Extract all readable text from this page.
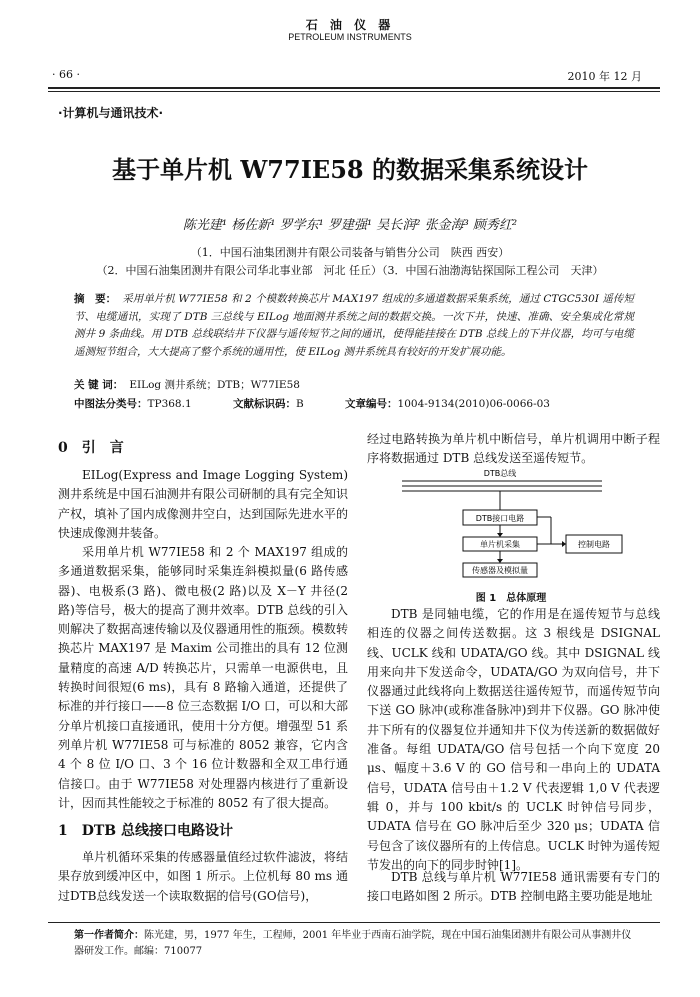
石 油 仪 器
PETROLEUM INSTRUMENTS
· 66 ·	2010 年 12 月
·计算机与通讯技术·
基于单片机 W77IE58 的数据采集系统设计
陈光建¹ 杨佐新¹ 罗学东¹ 罗建强¹ 吴长润² 张金海³ 顾秀红²
（1．中国石油集团测井有限公司装备与销售分公司　陕西 西安）
（2．中国石油集团测井有限公司华北事业部　河北 任丘）（3．中国石油渤海钻探国际工程公司　天津）
摘　要： 采用单片机 W77IE58 和 2 个模数转换芯片 MAX197 组成的多通道数据采集系统，通过 CTGC530I 遥传短节、电缆通讯，实现了 DTB 三总线与 EILog 地面测井系统之间的数据交换。一次下井，快速、准确、安全集成化常规测井 9 条曲线。用 DTB 总线联结井下仪器与遥传短节之间的通讯，使得能挂接在 DTB 总线上的下井仪器，均可与电缆遥测短节组合，大大提高了整个系统的通用性，使 EILog 测井系统具有较好的开发扩展功能。
关 键 词： EILog 测井系统；DTB；W77IE58
中图法分类号：TP368.1	文献标识码：B	文章编号：1004-9134(2010)06-0066-03
0　引　言
EILog(Express and Image Logging System)测井系统是中国石油测井有限公司研制的具有完全知识产权，填补了国内成像测井空白，达到国际先进水平的快速成像测井装备。
采用单片机 W77IE58 和 2 个 MAX197 组成的多通道数据采集，能够同时采集连斜模拟量(6 路传感器)、电极系(3 路)、微电极(2 路)以及 X－Y 井径(2 路)等信号，极大的提高了测井效率。DTB 总线的引入则解决了数据高速传输以及仪器通用性的瓶颈。模数转换芯片 MAX197 是 Maxim 公司推出的具有 12 位测量精度的高速 A/D 转换芯片，只需单一电源供电，且转换时间很短(6 ms)，具有 8 路输入通道，还提供了标准的并行接口——8 位三态数据 I/O 口，可以和大部分单片机接口直接通讯，使用十分方便。增强型 51 系列单片机 W77IE58 可与标准的 8052 兼容，它内含 4 个 8 位 I/O 口、3 个 16 位计数器和全双工串行通信接口。由于 W77IE58 对处理器内核进行了重新设计，因而其性能较之于标准的 8052 有了很大提高。
1　DTB 总线接口电路设计
单片机循环采集的传感器量值经过软件滤波，将结果存放到缓冲区中，如图 1 所示。上位机每 80 ms 通过DTB总线发送一个读取数据的信号(GO信号)，
经过电路转换为单片机中断信号，单片机调用中断子程序将数据通过 DTB 总线发送至遥传短节。
DTB总线
DTB接口电路
单片机采集
传感器及模拟量
控制电路
图 1　总体原理
DTB 是同轴电缆，它的作用是在遥传短节与总线相连的仪器之间传送数据。这 3 根线是 DSIGNAL 线、UCLK 线和 UDATA/GO 线。其中 DSIGNAL 线用来向井下发送命令，UDATA/GO 为双向信号，井下仪器通过此线将向上数据送往遥传短节，而遥传短节向下送 GO 脉冲(或称准备脉冲)到井下仪器。GO 脉冲使井下所有的仪器复位并通知井下仪为传送新的数据做好准备。每组 UDATA/GO 信号包括一个向下宽度 20 μs、幅度＋3.6 V 的 GO 信号和一串向上的 UDATA 信号，UDATA 信号由＋1.2 V 代表逻辑 1,0 V 代表逻辑 0，并与 100 kbit/s 的 UCLK 时钟信号同步，UDATA 信号在 GO 脉冲后至少 320 μs；UDATA 信号包含了该仪器所有的上传信息。UCLK 时钟为遥传短节发出的向下的同步时钟[1]。
DTB 总线与单片机 W77IE58 通讯需要有专门的接口电路如图 2 所示。DTB 控制电路主要功能是地址
第一作者简介：陈光建，男，1977 年生，工程师，2001 年毕业于西南石油学院，现在中国石油集团测井有限公司从事测井仪器研发工作。邮编：710077
